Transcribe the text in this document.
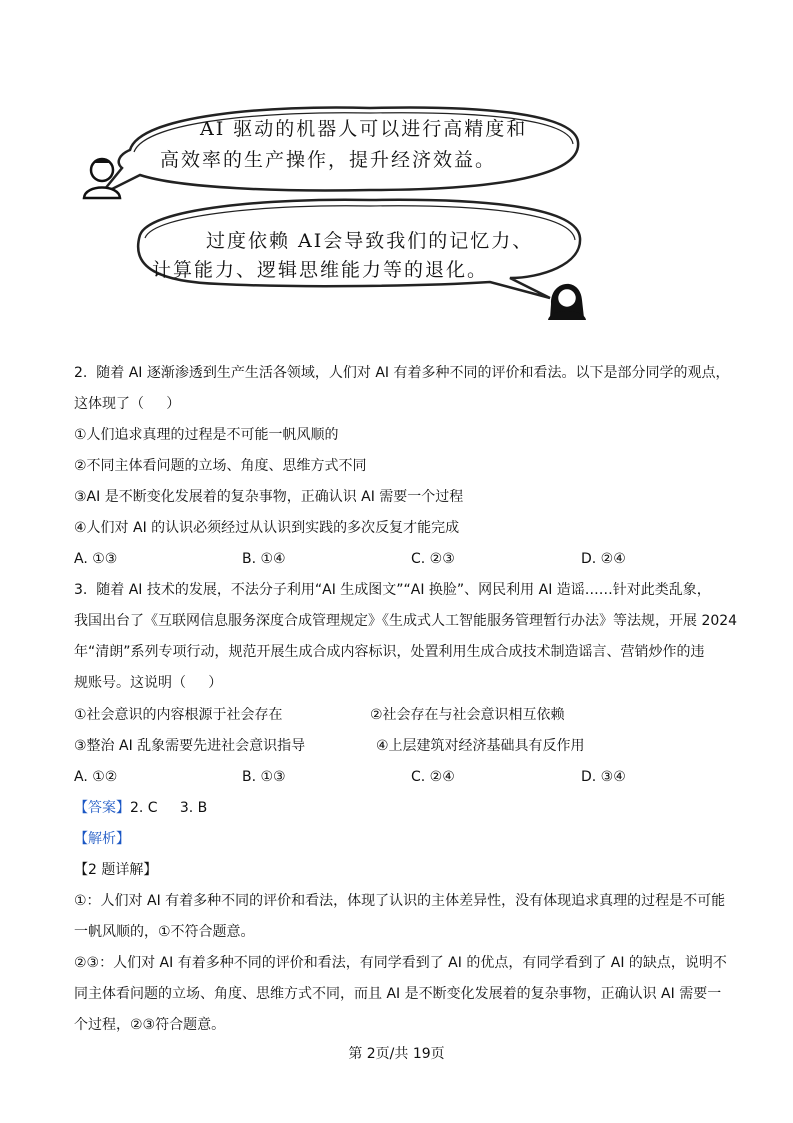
AI 驱动的机器人可以进行高精度和
高效率的生产操作，提升经济效益。
过度依赖 AI会导致我们的记忆力、
计算能力、逻辑思维能力等的退化。
2.  随着 AI 逐渐渗透到生产生活各领域，人们对 AI 有着多种不同的评价和看法。以下是部分同学的观点，
这体现了（     ）
①人们追求真理的过程是不可能一帆风顺的
②不同主体看问题的立场、角度、思维方式不同
③AI 是不断变化发展着的复杂事物，正确认识 AI 需要一个过程
④人们对 AI 的认识必须经过从认识到实践的多次反复才能完成
A. ①③	B. ①④	C. ②③	D. ②④
3.  随着 AI 技术的发展，不法分子利用“AI 生成图文”“AI 换脸”、网民利用 AI 造谣……针对此类乱象，
我国出台了《互联网信息服务深度合成管理规定》《生成式人工智能服务管理暂行办法》等法规，开展 2024
年“清朗”系列专项行动，规范开展生成合成内容标识，处置利用生成合成技术制造谣言、营销炒作的违
规账号。这说明（     ）
①社会意识的内容根源于社会存在	②社会存在与社会意识相互依赖
③整治 AI 乱象需要先进社会意识指导	④上层建筑对经济基础具有反作用
A. ①②	B. ①③	C. ②④	D. ③④
【答案】2. C     3. B
【解析】
【2 题详解】
①：人们对 AI 有着多种不同的评价和看法，体现了认识的主体差异性，没有体现追求真理的过程是不可能
一帆风顺的，①不符合题意。
②③：人们对 AI 有着多种不同的评价和看法，有同学看到了 AI 的优点，有同学看到了 AI 的缺点，说明不
同主体看问题的立场、角度、思维方式不同，而且 AI 是不断变化发展着的复杂事物，正确认识 AI 需要一
个过程，②③符合题意。
第 2页/共 19页
